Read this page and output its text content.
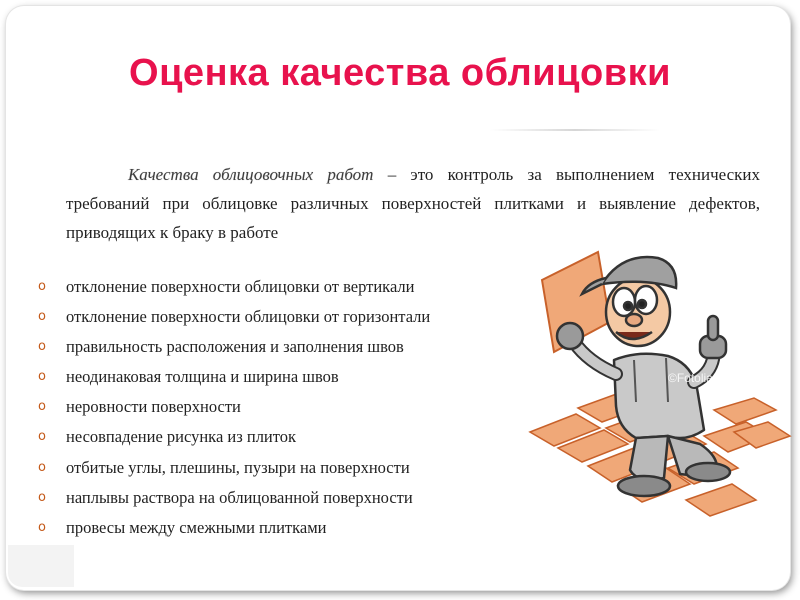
Оценка качества облицовки
Качества облицовочных работ – это контроль за выполнением технических требований при облицовке различных поверхностей плитками и выявление дефектов, приводящих к браку в работе
o отклонение поверхности облицовки от вертикали
o отклонение поверхности облицовки от горизонтали
o правильность расположения и заполнения швов
o неодинаковая толщина и ширина швов
o неровности поверхности
o несовпадение рисунка из плиток
o отбитые углы, плешины, пузыри на поверхности
o наплывы раствора на облицованной поверхности
o провесы между смежными плитками
©Fotolia
